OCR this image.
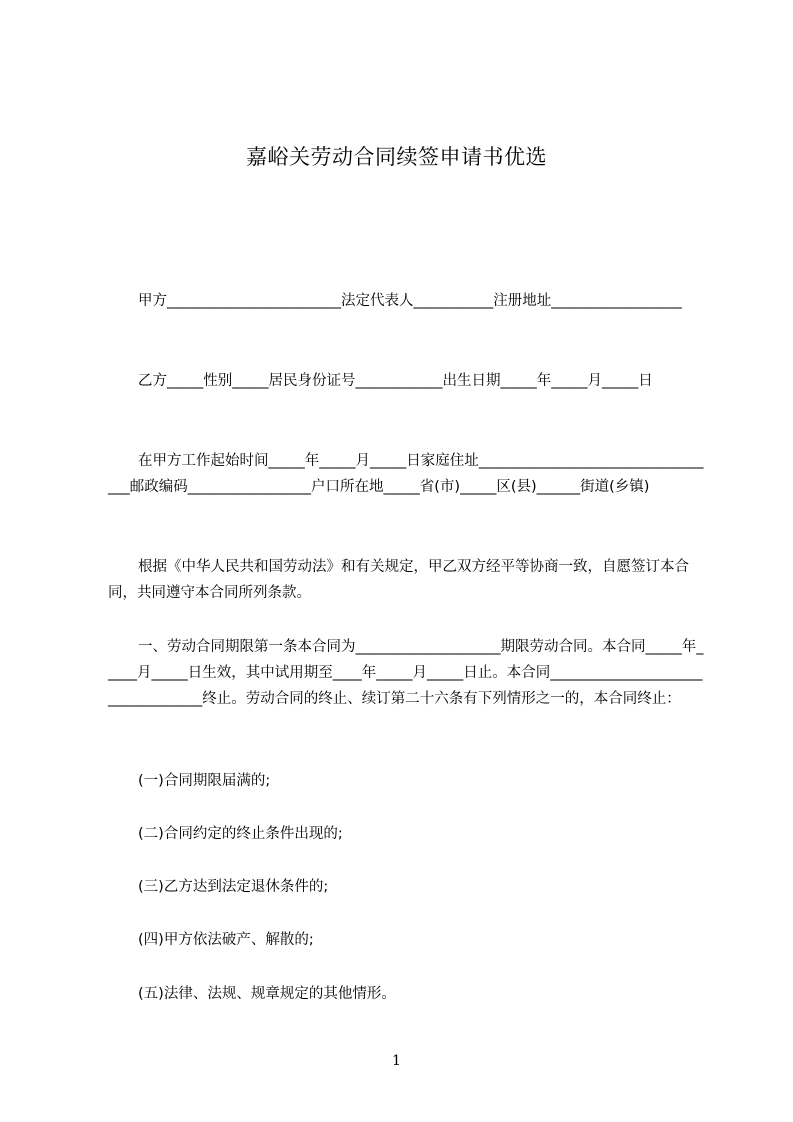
嘉峪关劳动合同续签申请书优选
甲方________________________法定代表人___________注册地址__________________
乙方_____性别_____居民身份证号____________出生日期_____年_____月_____日
在甲方工作起始时间_____年_____月_____日家庭住址__________________________________邮政编码_________________户口所在地_____省(市)_____区(县)______街道(乡镇)
根据《中华人民共和国劳动法》和有关规定，甲乙双方经平等协商一致，自愿签订本合同，共同遵守本合同所列条款。
一、劳动合同期限第一条本合同为____________________期限劳动合同。本合同_____年_____月_____日生效，其中试用期至____年_____月_____日止。本合同__________________________________终止。劳动合同的终止、续订第二十六条有下列情形之一的，本合同终止：
(一)合同期限届满的;
(二)合同约定的终止条件出现的;
(三)乙方达到法定退休条件的;
(四)甲方依法破产、解散的;
(五)法律、法规、规章规定的其他情形。
1
